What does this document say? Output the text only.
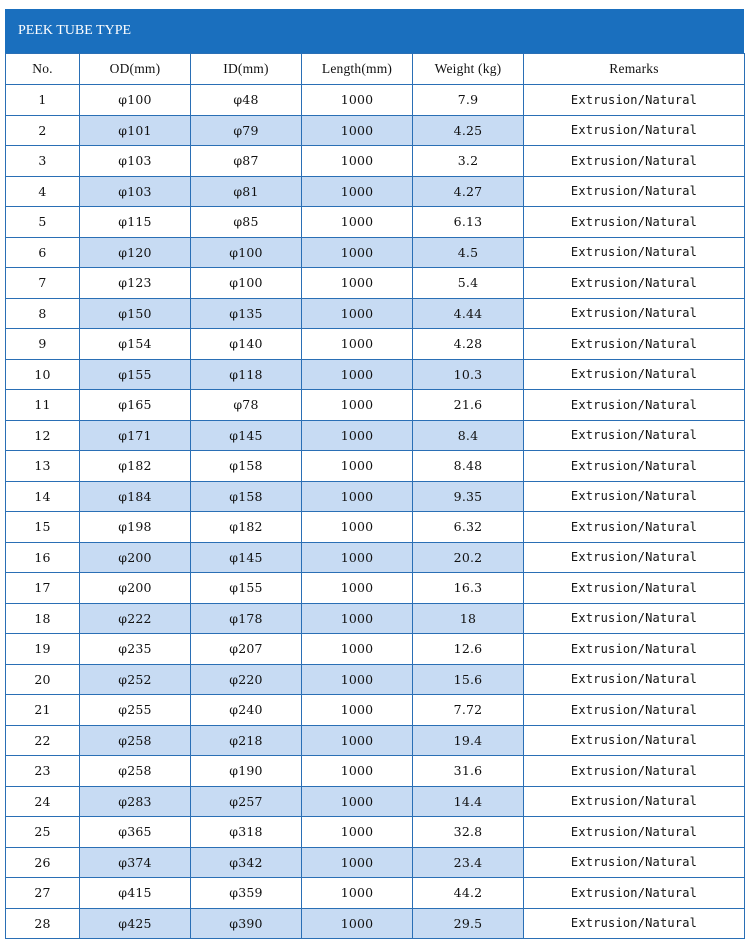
PEEK TUBE TYPE
No.	OD(mm)	ID(mm)	Length(mm)	Weight (kg)	Remarks
1	φ100	φ48	1000	7.9	Extrusion/Natural
2	φ101	φ79	1000	4.25	Extrusion/Natural
3	φ103	φ87	1000	3.2	Extrusion/Natural
4	φ103	φ81	1000	4.27	Extrusion/Natural
5	φ115	φ85	1000	6.13	Extrusion/Natural
6	φ120	φ100	1000	4.5	Extrusion/Natural
7	φ123	φ100	1000	5.4	Extrusion/Natural
8	φ150	φ135	1000	4.44	Extrusion/Natural
9	φ154	φ140	1000	4.28	Extrusion/Natural
10	φ155	φ118	1000	10.3	Extrusion/Natural
11	φ165	φ78	1000	21.6	Extrusion/Natural
12	φ171	φ145	1000	8.4	Extrusion/Natural
13	φ182	φ158	1000	8.48	Extrusion/Natural
14	φ184	φ158	1000	9.35	Extrusion/Natural
15	φ198	φ182	1000	6.32	Extrusion/Natural
16	φ200	φ145	1000	20.2	Extrusion/Natural
17	φ200	φ155	1000	16.3	Extrusion/Natural
18	φ222	φ178	1000	18	Extrusion/Natural
19	φ235	φ207	1000	12.6	Extrusion/Natural
20	φ252	φ220	1000	15.6	Extrusion/Natural
21	φ255	φ240	1000	7.72	Extrusion/Natural
22	φ258	φ218	1000	19.4	Extrusion/Natural
23	φ258	φ190	1000	31.6	Extrusion/Natural
24	φ283	φ257	1000	14.4	Extrusion/Natural
25	φ365	φ318	1000	32.8	Extrusion/Natural
26	φ374	φ342	1000	23.4	Extrusion/Natural
27	φ415	φ359	1000	44.2	Extrusion/Natural
28	φ425	φ390	1000	29.5	Extrusion/Natural
